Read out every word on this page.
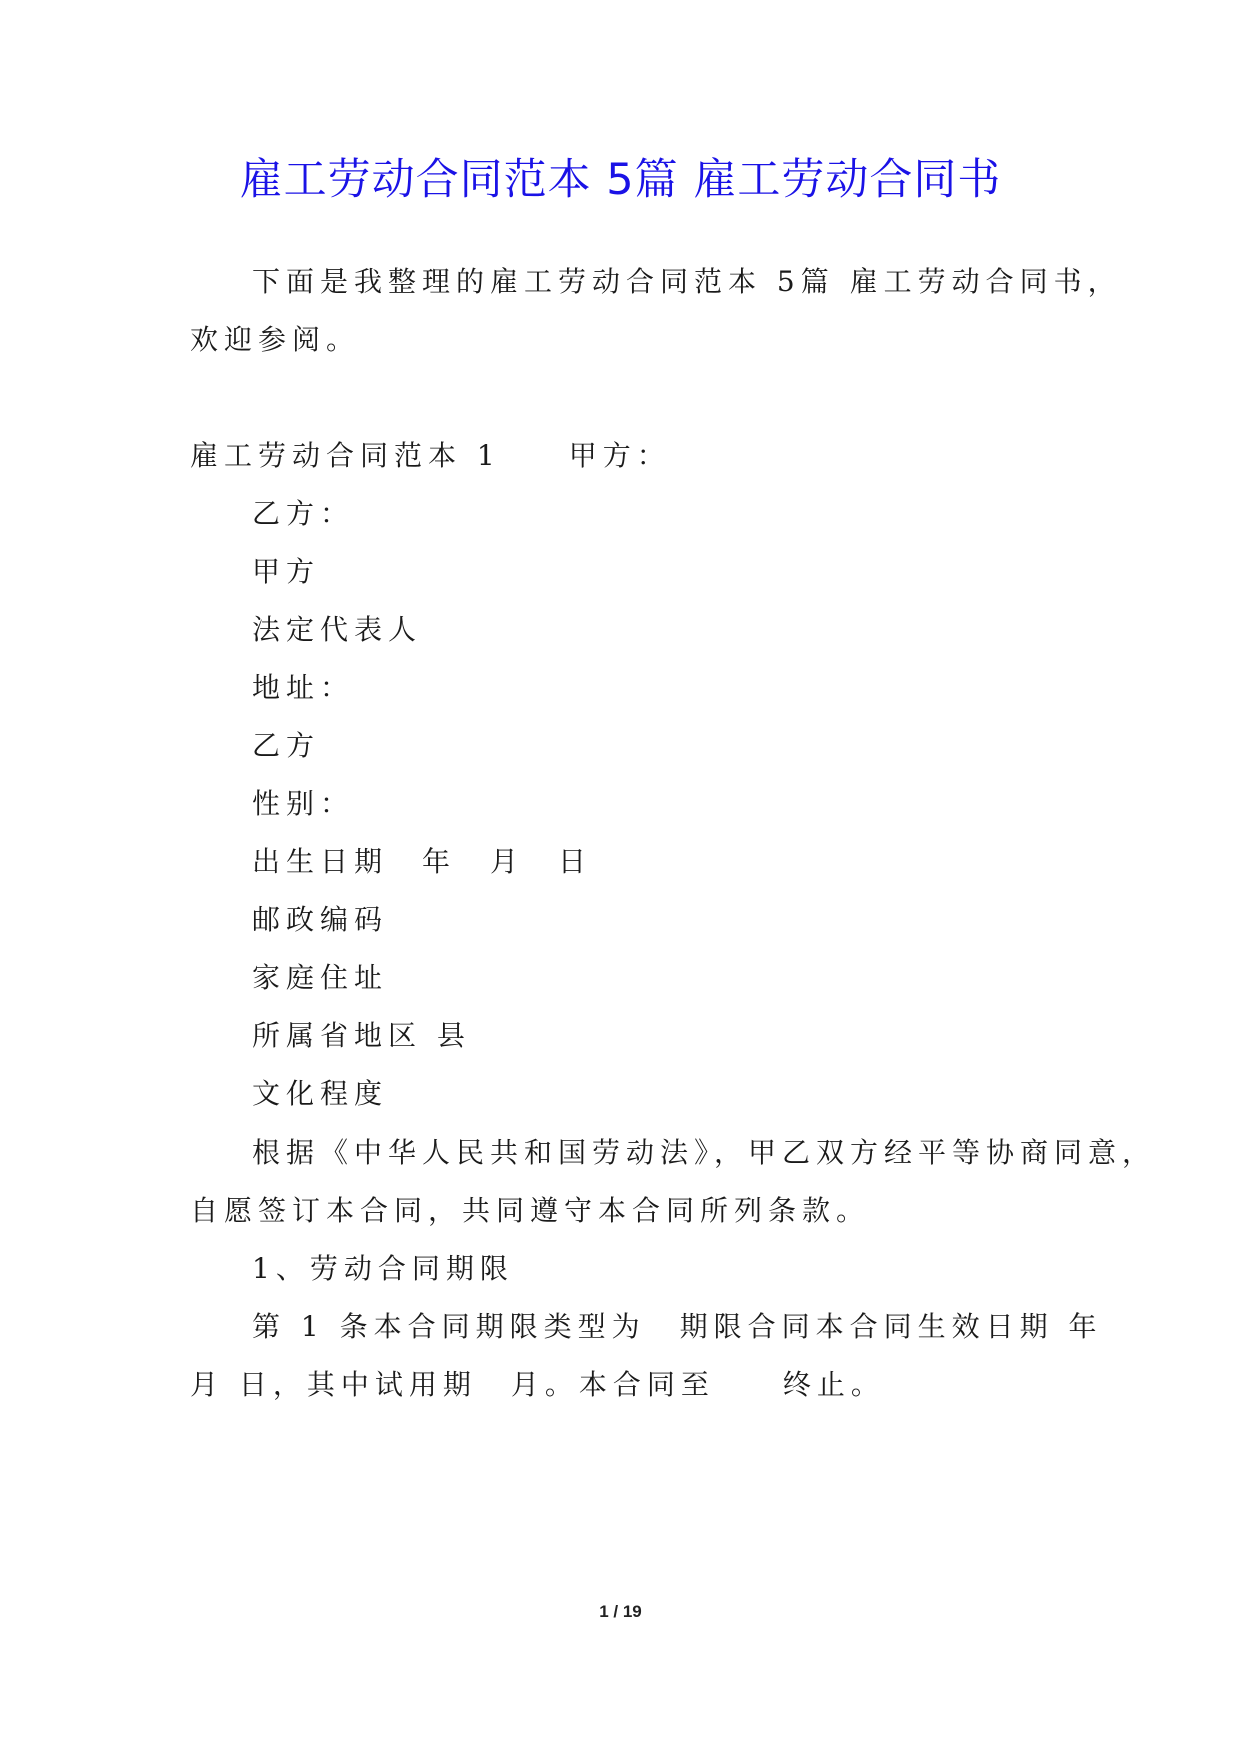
雇工劳动合同范本 5篇 雇工劳动合同书
下面是我整理的雇工劳动合同范本 5篇 雇工劳动合同书，
欢迎参阅。
雇工劳动合同范本 1　　甲方：
乙方：
甲方
法定代表人
地址：
乙方
性别：
出生日期　年　月　日
邮政编码
家庭住址
所属省地区 县
文化程度
根据《中华人民共和国劳动法》，甲乙双方经平等协商同意，
自愿签订本合同，共同遵守本合同所列条款。
1、劳动合同期限
第 1 条本合同期限类型为　期限合同本合同生效日期 年
月 日，其中试用期　月。本合同至　　终止。
1 / 19
